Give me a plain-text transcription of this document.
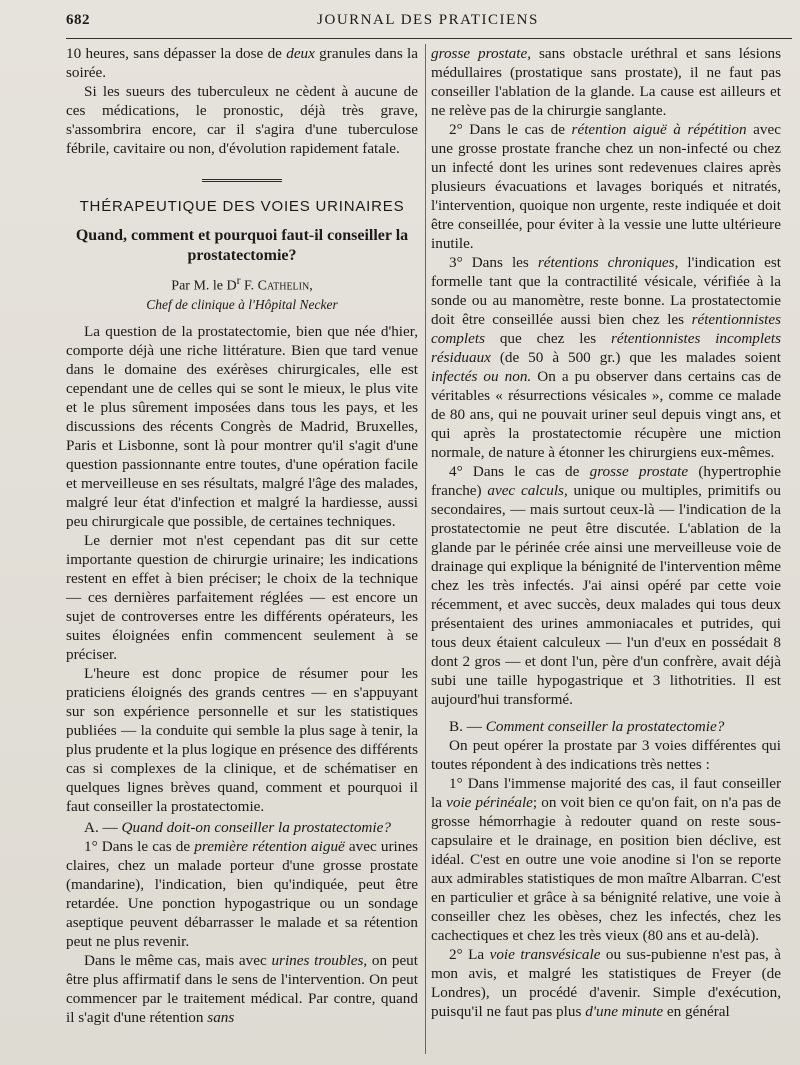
682	JOURNAL DES PRATICIENS

10 heures, sans dépasser la dose de deux granules dans la soirée.

Si les sueurs des tuberculeux ne cèdent à aucune de ces médications, le pronostic, déjà très grave, s'assombrira encore, car il s'agira d'une tuberculose fébrile, cavitaire ou non, d'évolution rapidement fatale.

THÉRAPEUTIQUE DES VOIES URINAIRES

Quand, comment et pourquoi faut-il conseiller la prostatectomie?

Par M. le $D^r$ F. Cathelin,

Chef de clinique à l'Hôpital Necker

La question de la prostatectomie, bien que née d'hier, comporte déjà une riche littérature. Bien que tard venue dans le domaine des exérèses chirurgicales, elle est cependant une de celles qui se sont le mieux, le plus vite et le plus sûrement imposées dans tous les pays, et les discussions des récents Congrès de Madrid, Bruxelles, Paris et Lisbonne, sont là pour montrer qu'il s'agit d'une question passionnante entre toutes, d'une opération facile et merveilleuse en ses résultats, malgré l'âge des malades, malgré leur état d'infection et malgré la hardiesse, aussi peu chirurgicale que possible, de certaines techniques.

Le dernier mot n'est cependant pas dit sur cette importante question de chirurgie urinaire; les indications restent en effet à bien préciser; le choix de la technique — ces dernières parfaitement réglées — est encore un sujet de controverses entre les différents opérateurs, les suites éloignées enfin commencent seulement à se préciser.

L'heure est donc propice de résumer pour les praticiens éloignés des grands centres — en s'appuyant sur son expérience personnelle et sur les statistiques publiées — la conduite qui semble la plus sage à tenir, la plus prudente et la plus logique en présence des différents cas si complexes de la clinique, et de schématiser en quelques lignes brèves quand, comment et pourquoi il faut conseiller la prostatectomie.

A. — Quand doit-on conseiller la prostatectomie?

1° Dans le cas de première rétention aiguë avec urines claires, chez un malade porteur d'une grosse prostate (mandarine), l'indication, bien qu'indiquée, peut être retardée. Une ponction hypogastrique ou un sondage aseptique peuvent débarrasser le malade et sa rétention peut ne plus revenir.

Dans le même cas, mais avec urines troubles, on peut être plus affirmatif dans le sens de l'intervention. On peut commencer par le traitement médical. Par contre, quand il s'agit d'une rétention sans

grosse prostate, sans obstacle uréthral et sans lésions médullaires (prostatique sans prostate), il ne faut pas conseiller l'ablation de la glande. La cause est ailleurs et ne relève pas de la chirurgie sanglante.

2° Dans le cas de rétention aiguë à répétition avec une grosse prostate franche chez un non-infecté ou chez un infecté dont les urines sont redevenues claires après plusieurs évacuations et lavages boriqués et nitratés, l'intervention, quoique non urgente, reste indiquée et doit être conseillée, pour éviter à la vessie une lutte ultérieure inutile.

3° Dans les rétentions chroniques, l'indication est formelle tant que la contractilité vésicale, vérifiée à la sonde ou au manomètre, reste bonne. La prostatectomie doit être conseillée aussi bien chez les rétentionnistes complets que chez les rétentionnistes incomplets résiduaux (de 50 à 500 gr.) que les malades soient infectés ou non. On a pu observer dans certains cas de véritables « résurrections vésicales », comme ce malade de 80 ans, qui ne pouvait uriner seul depuis vingt ans, et qui après la prostatectomie récupère une miction normale, de nature à étonner les chirurgiens eux-mêmes.

4° Dans le cas de grosse prostate (hypertrophie franche) avec calculs, unique ou multiples, primitifs ou secondaires, — mais surtout ceux-là — l'indication de la prostatectomie ne peut être discutée. L'ablation de la glande par le périnée crée ainsi une merveilleuse voie de drainage qui explique la bénignité de l'intervention même chez les très infectés. J'ai ainsi opéré par cette voie récemment, et avec succès, deux malades qui tous deux présentaient des urines ammoniacales et putrides, qui tous deux étaient calculeux — l'un d'eux en possédait 8 dont 2 gros — et dont l'un, père d'un confrère, avait déjà subi une taille hypogastrique et 3 lithotrities. Il est aujourd'hui transformé.

B. — Comment conseiller la prostatectomie?

On peut opérer la prostate par 3 voies différentes qui toutes répondent à des indications très nettes :

1° Dans l'immense majorité des cas, il faut conseiller la voie périnéale; on voit bien ce qu'on fait, on n'a pas de grosse hémorrhagie à redouter quand on reste sous-capsulaire et le drainage, en position bien déclive, est idéal. C'est en outre une voie anodine si l'on se reporte aux admirables statistiques de mon maître Albarran. C'est en particulier et grâce à sa bénignité relative, une voie à conseiller chez les obèses, chez les infectés, chez les cachectiques et chez les très vieux (80 ans et au-delà).

2° La voie transvésicale ou sus-pubienne n'est pas, à mon avis, et malgré les statistiques de Freyer (de Londres), un procédé d'avenir. Simple d'exécution, puisqu'il ne faut pas plus d'une minute en général
